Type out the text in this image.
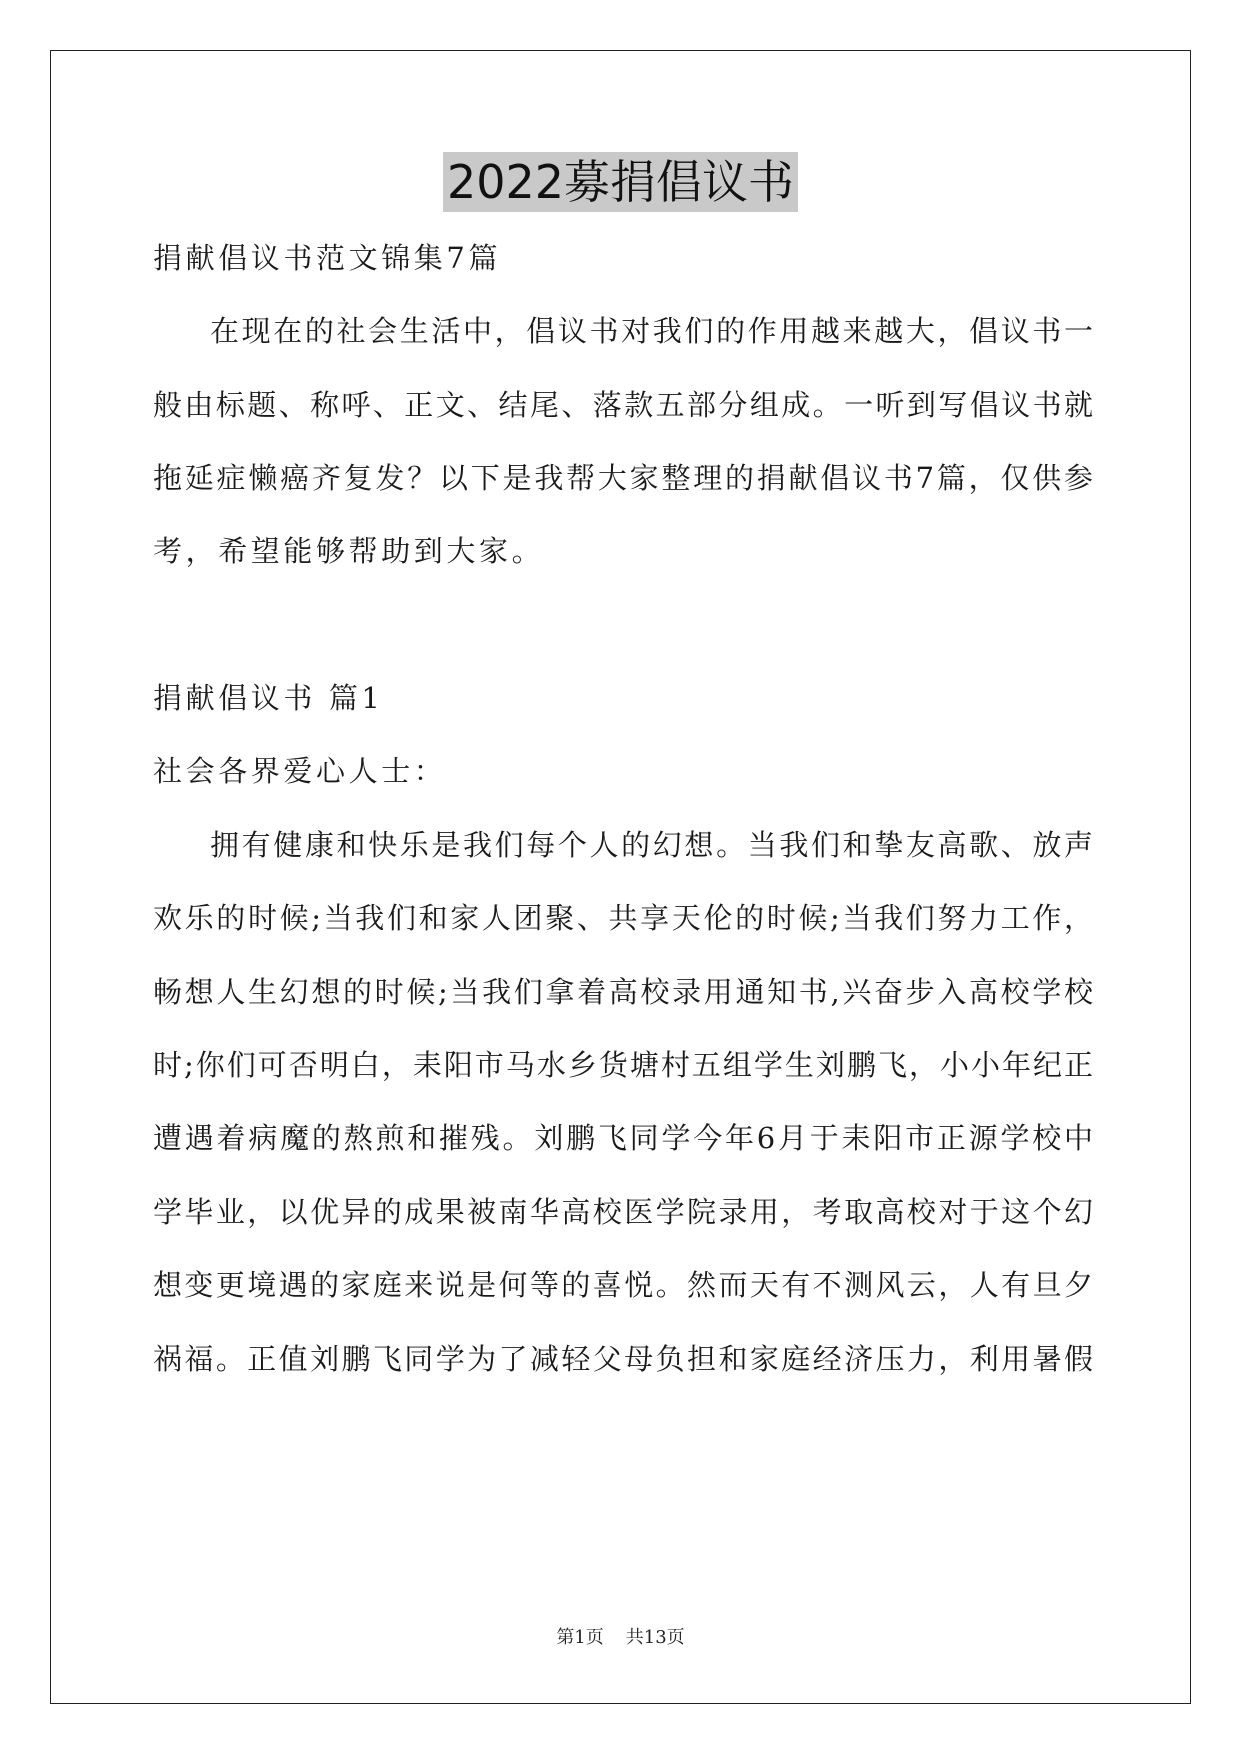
2022募捐倡议书
捐献倡议书范文锦集7篇
在现在的社会生活中，倡议书对我们的作用越来越大，倡议书一
般由标题、称呼、正文、结尾、落款五部分组成。一听到写倡议书就
拖延症懒癌齐复发？以下是我帮大家整理的捐献倡议书7篇，仅供参
考，希望能够帮助到大家。
捐献倡议书 篇1
社会各界爱心人士：
拥有健康和快乐是我们每个人的幻想。当我们和挚友高歌、放声
欢乐的时候;当我们和家人团聚、共享天伦的时候;当我们努力工作，
畅想人生幻想的时候;当我们拿着高校录用通知书,兴奋步入高校学校
时;你们可否明白，耒阳市马水乡货塘村五组学生刘鹏飞，小小年纪正
遭遇着病魔的熬煎和摧残。刘鹏飞同学今年6月于耒阳市正源学校中
学毕业，以优异的成果被南华高校医学院录用，考取高校对于这个幻
想变更境遇的家庭来说是何等的喜悦。然而天有不测风云，人有旦夕
祸福。正值刘鹏飞同学为了减轻父母负担和家庭经济压力，利用暑假
第1页 共13页
